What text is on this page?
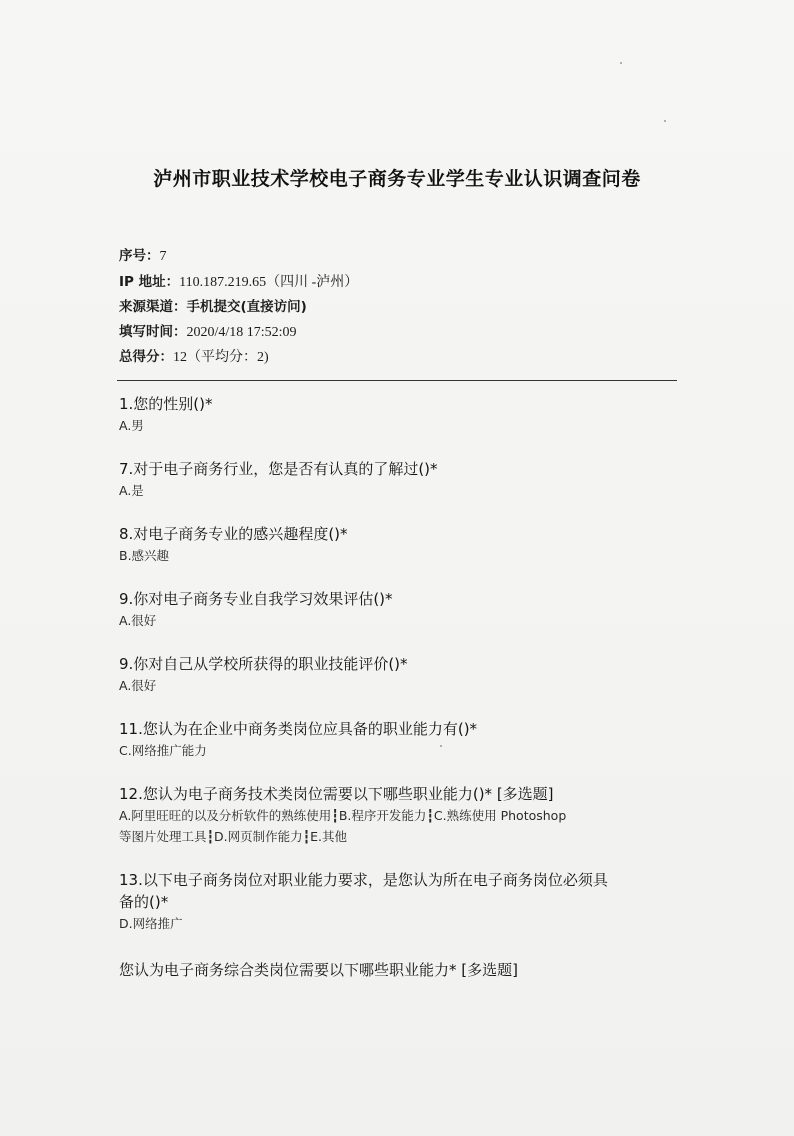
泸州市职业技术学校电子商务专业学生专业认识调查问卷
序号：7
IP 地址：110.187.219.65（四川 -泸州）
来源渠道：手机提交(直接访问)
填写时间：2020/4/18 17:52:09
总得分：12（平均分：2)
1.您的性别()*
A.男
7.对于电子商务行业，您是否有认真的了解过()*
A.是
8.对电子商务专业的感兴趣程度()*
B.感兴趣
9.你对电子商务专业自我学习效果评估()*
A.很好
9.你对自己从学校所获得的职业技能评价()*
A.很好
11.您认为在企业中商务类岗位应具备的职业能力有()*
C.网络推广能力
12.您认为电子商务技术类岗位需要以下哪些职业能力()* [多选题]
A.阿里旺旺的以及分析软件的熟练使用┇B.程序开发能力┇C.熟练使用 Photoshop
等图片处理工具┇D.网页制作能力┇E.其他
13.以下电子商务岗位对职业能力要求，是您认为所在电子商务岗位必须具
备的()*
D.网络推广
您认为电子商务综合类岗位需要以下哪些职业能力* [多选题]
